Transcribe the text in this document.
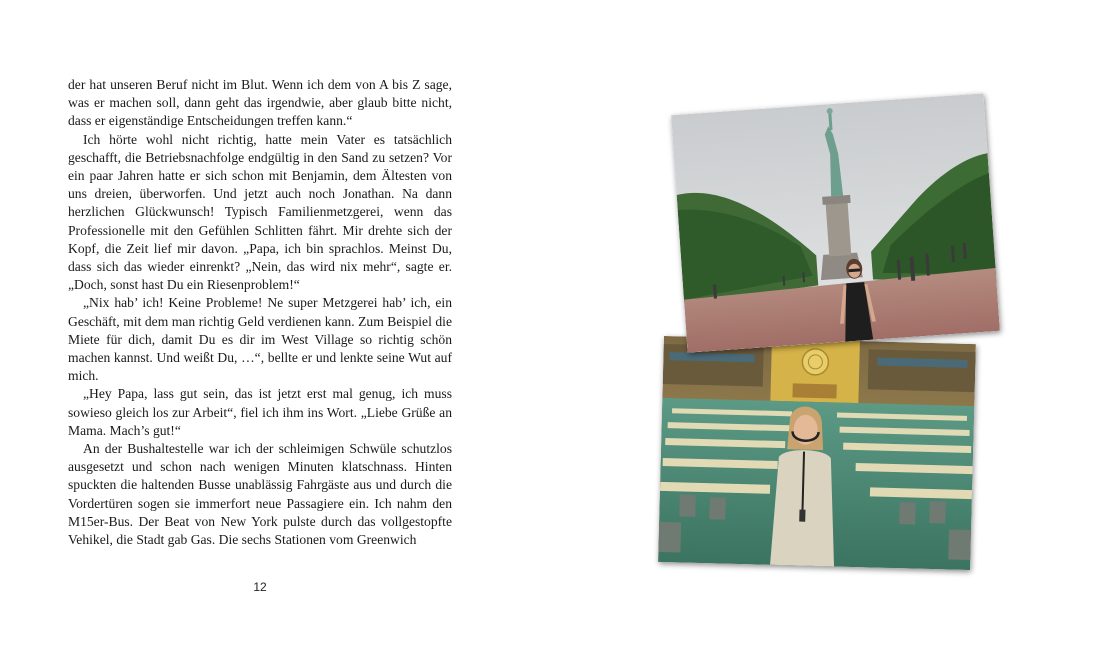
der hat unseren Beruf nicht im Blut. Wenn ich dem von A bis Z sage, was er machen soll, dann geht das irgendwie, aber glaub bitte nicht, dass er eigenständige Entscheidungen treffen kann.“

Ich hörte wohl nicht richtig, hatte mein Vater es tatsächlich geschafft, die Betriebsnachfolge endgültig in den Sand zu setzen? Vor ein paar Jahren hatte er sich schon mit Benjamin, dem Ältesten von uns dreien, überworfen. Und jetzt auch noch Jonathan. Na dann herzlichen Glückwunsch! Typisch Familienmetzgerei, wenn das Professionelle mit den Gefühlen Schlitten fährt. Mir drehte sich der Kopf, die Zeit lief mir davon. „Papa, ich bin sprachlos. Meinst Du, dass sich das wieder einrenkt? „Nein, das wird nix mehr“, sagte er. „Doch, sonst hast Du ein Riesenproblem!“

„Nix hab’ ich! Keine Probleme! Ne super Metzgerei hab’ ich, ein Geschäft, mit dem man richtig Geld verdienen kann. Zum Beispiel die Miete für dich, damit Du es dir im West Village so richtig schön machen kannst. Und weißt Du, …“, bellte er und lenkte seine Wut auf mich.

„Hey Papa, lass gut sein, das ist jetzt erst mal genug, ich muss sowieso gleich los zur Arbeit“, fiel ich ihm ins Wort. „Liebe Grüße an Mama. Mach’s gut!“

An der Bushaltestelle war ich der schleimigen Schwüle schutzlos ausgesetzt und schon nach wenigen Minuten klatschnass. Hinten spuckten die haltenden Busse unablässig Fahrgäste aus und durch die Vordertüren sogen sie immerfort neue Passagiere ein. Ich nahm den M15er-Bus. Der Beat von New York pulste durch das vollgestopfte Vehikel, die Stadt gab Gas. Die sechs Stationen vom Greenwich

12
